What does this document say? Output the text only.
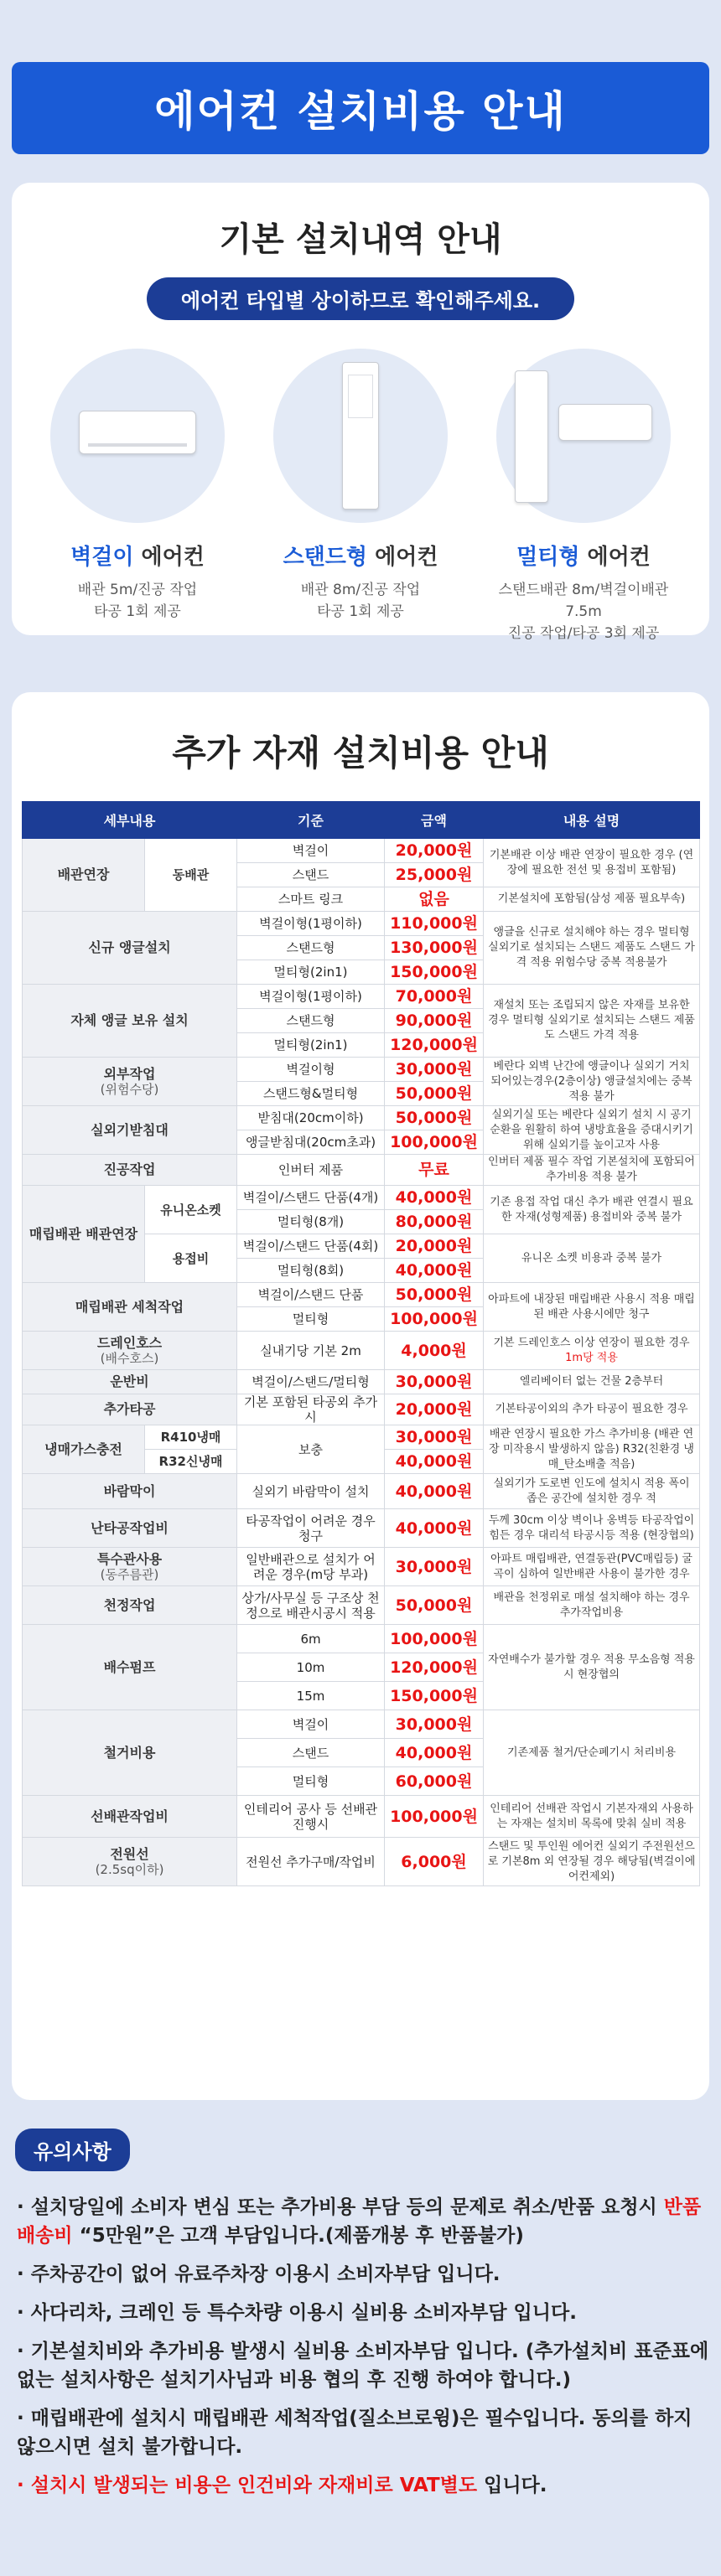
에어컨 설치비용 안내
기본 설치내역 안내
에어컨 타입별 상이하므로 확인해주세요.
벽걸이 에어컨
배관 5m/진공 작업
타공 1회 제공
스탠드형 에어컨
배관 8m/진공 작업
타공 1회 제공
멀티형 에어컨
스탠드배관 8m/벽걸이배관 7.5m
진공 작업/타공 3회 제공
추가 자재 설치비용 안내
세부내용		기준	금액	내용 설명
배관연장	동배관	벽걸이	20,000원	기본배관 이상 배관 연장이 필요한 경우 (연장에 필요한 전선 및 용접비 포함됨)
		스탠드	25,000원	
		스마트 링크	없음	기본설치에 포함됨(삼성 제품 필요부속)
신규 앵글설치		벽걸이형(1평이하)	110,000원	앵글을 신규로 설치해야 하는 경우 멀티형 실외기로 설치되는 스탠드 제품도 스탠드 가격 적용 위험수당 중복 적용불가
		스탠드형	130,000원	
		멀티형(2in1)	150,000원	
자체 앵글 보유 설치		벽걸이형(1평이하)	70,000원	재설치 또는 조립되지 않은 자재를 보유한 경우 멀티형 실외기로 설치되는 스탠드 제품도 스탠드 가격 적용
		스탠드형	90,000원	
		멀티형(2in1)	120,000원	

외부작업
(위험수당)		벽걸이형	30,000원	베란다 외벽 난간에 앵글이나 실외기 거치 되어있는경우(2층이상) 앵글설치에는 중복 적용 불가
		스탠드형&멀티형	50,000원	
실외기받침대		받침대(20cm이하)	50,000원	실외기실 또는 베란다 실외기 설치 시 공기 순환을 원활히 하여 냉방효율을 증대시키기 위해 실외기를 높이고자 사용
		앵글받침대(20cm초과)	100,000원	
진공작업		인버터 제품	무료	인버터 제품 필수 작업 기본설치에 포함되어 추가비용 적용 불가
매립배관 배관연장	유니온소켓	벽걸이/스탠드 단품(4개)	40,000원	기존 용접 작업 대신 추가 배관 연결시 필요한 자재(성형제품) 용접비와 중복 불가
		멀티형(8개)	80,000원	
	용접비	벽걸이/스탠드 단품(4회)	20,000원	유니온 소켓 비용과 중복 불가
		멀티형(8회)	40,000원	
매립배관 세척작업		벽걸이/스탠드 단품	50,000원	아파트에 내장된 매립배관 사용시 적용 매립된 배관 사용시에만 청구
		멀티형	100,000원	

드레인호스
(배수호스)		실내기당 기본 2m	4,000원	기본 드레인호스 이상 연장이 필요한 경우 1m당 적용
운반비		벽걸이/스탠드/멀티형	30,000원	엘리베이터 없는 건물 2층부터
추가타공		기본 포함된 타공외 추가시	20,000원	기본타공이외의 추가 타공이 필요한 경우
냉매가스충전	R410냉매	보충	30,000원	배관 연장시 필요한 가스 추가비용 (배관 연장 미작용시 발생하지 않음) R32(친환경 냉매_탄소배출 적음)
	R32신냉매		40,000원	
바람막이		실외기 바람막이 설치	40,000원	실외기가 도로변 인도에 설치시 적용 폭이 좁은 공간에 설치한 경우 적
난타공작업비		타공작업이 어려운 경우 청구	40,000원	두께 30cm 이상 벽이나 옹벽등 타공작업이 힘든 경우 대리석 타공시등 적용 (현장협의)

특수관사용
(동주름관)		일반배관으로 설치가 어려운 경우(m당 부과)	30,000원	아파트 매립배관, 연결동관(PVC매립등) 굴곡이 심하여 일반배관 사용이 불가한 경우
천정작업		상가/사무실 등 구조상 천정으로 배관시공시 적용	50,000원	배관을 천정위로 매설 설치해야 하는 경우 추가작업비용
배수펌프		6m	100,000원	자연배수가 불가할 경우 적용 무소음형 적용시 현장협의
		10m	120,000원	
		15m	150,000원	
철거비용		벽걸이	30,000원	기존제품 철거/단순폐기시 처리비용
		스탠드	40,000원	
		멀티형	60,000원	
선배관작업비		인테리어 공사 등 선배관 진행시	100,000원	인테리어 선배관 작업시 기본자재외 사용하는 자재는 설치비 목록에 맞춰 실비 적용

전원선
(2.5sq이하)		전원선 추가구매/작업비	6,000원	스탠드 및 투인원 에어컨 실외기 주전원선으로 기본8m 외 연장될 경우 해당됨(벽걸이에어컨제외)
유의사항
· 설치당일에 소비자 변심 또는 추가비용 부담 등의 문제로 취소/반품 요청시 반품배송비 “5만원”은 고객 부담입니다.(제품개봉 후 반품불가)
· 주차공간이 없어 유료주차장 이용시 소비자부담 입니다.
· 사다리차, 크레인 등 특수차량 이용시 실비용 소비자부담 입니다.
· 기본설치비와 추가비용 발생시 실비용 소비자부담 입니다. (추가설치비 표준표에 없는 설치사항은 설치기사님과 비용 협의 후 진행 하여야 합니다.)
· 매립배관에 설치시 매립배관 세척작업(질소브로윙)은 필수입니다. 동의를 하지 않으시면 설치 불가합니다.
· 설치시 발생되는 비용은 인건비와 자재비로 VAT별도 입니다.
